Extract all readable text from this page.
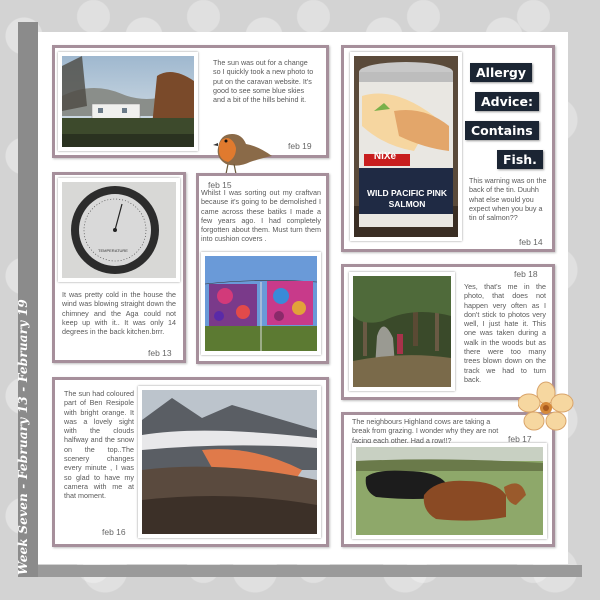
Week Seven - February 13 - February 19
The sun was out for a change so I quickly took a new photo to put on the caravan website. It's good to see some blue skies and a bit of the hills behind it.
feb 19
NiXe
WILD PACIFIC PINK SALMON
Allergy
Advice:
Contains
Fish.
This warning was on the back of the tin. Duuhh what else would you expect when you buy a tin of salmon??
feb 14
TEMPERATURE
It was pretty cold in the house the wind was blowing straight down the chimney and the Aga could not keep up with it.. It was only 14 degrees in the back kitchen.brrr.
feb 13
feb 15
Whilst I was sorting out my craftvan because it's going to be demolished I came across these batiks I made a few years ago. I had completely forgotten about them. Must turn them into cushion covers .
feb 18
Yes, that's me in the photo, that does not happen very often as I don't stick to photos very well, I just hate it. This one was taken during a walk in the woods but as there were too many trees blown down on the track we had to turn back.
The sun had coloured part of Ben Resipole with bright orange. It was a lovely sight with the clouds halfway and the snow on the top..The scenery changes every minute , I was so glad to have my camera with me at that moment.
feb 16
The neighbours Highland cows are taking a break from grazing. I wonder why they are not facing each other. Had a row!!?	feb 17
